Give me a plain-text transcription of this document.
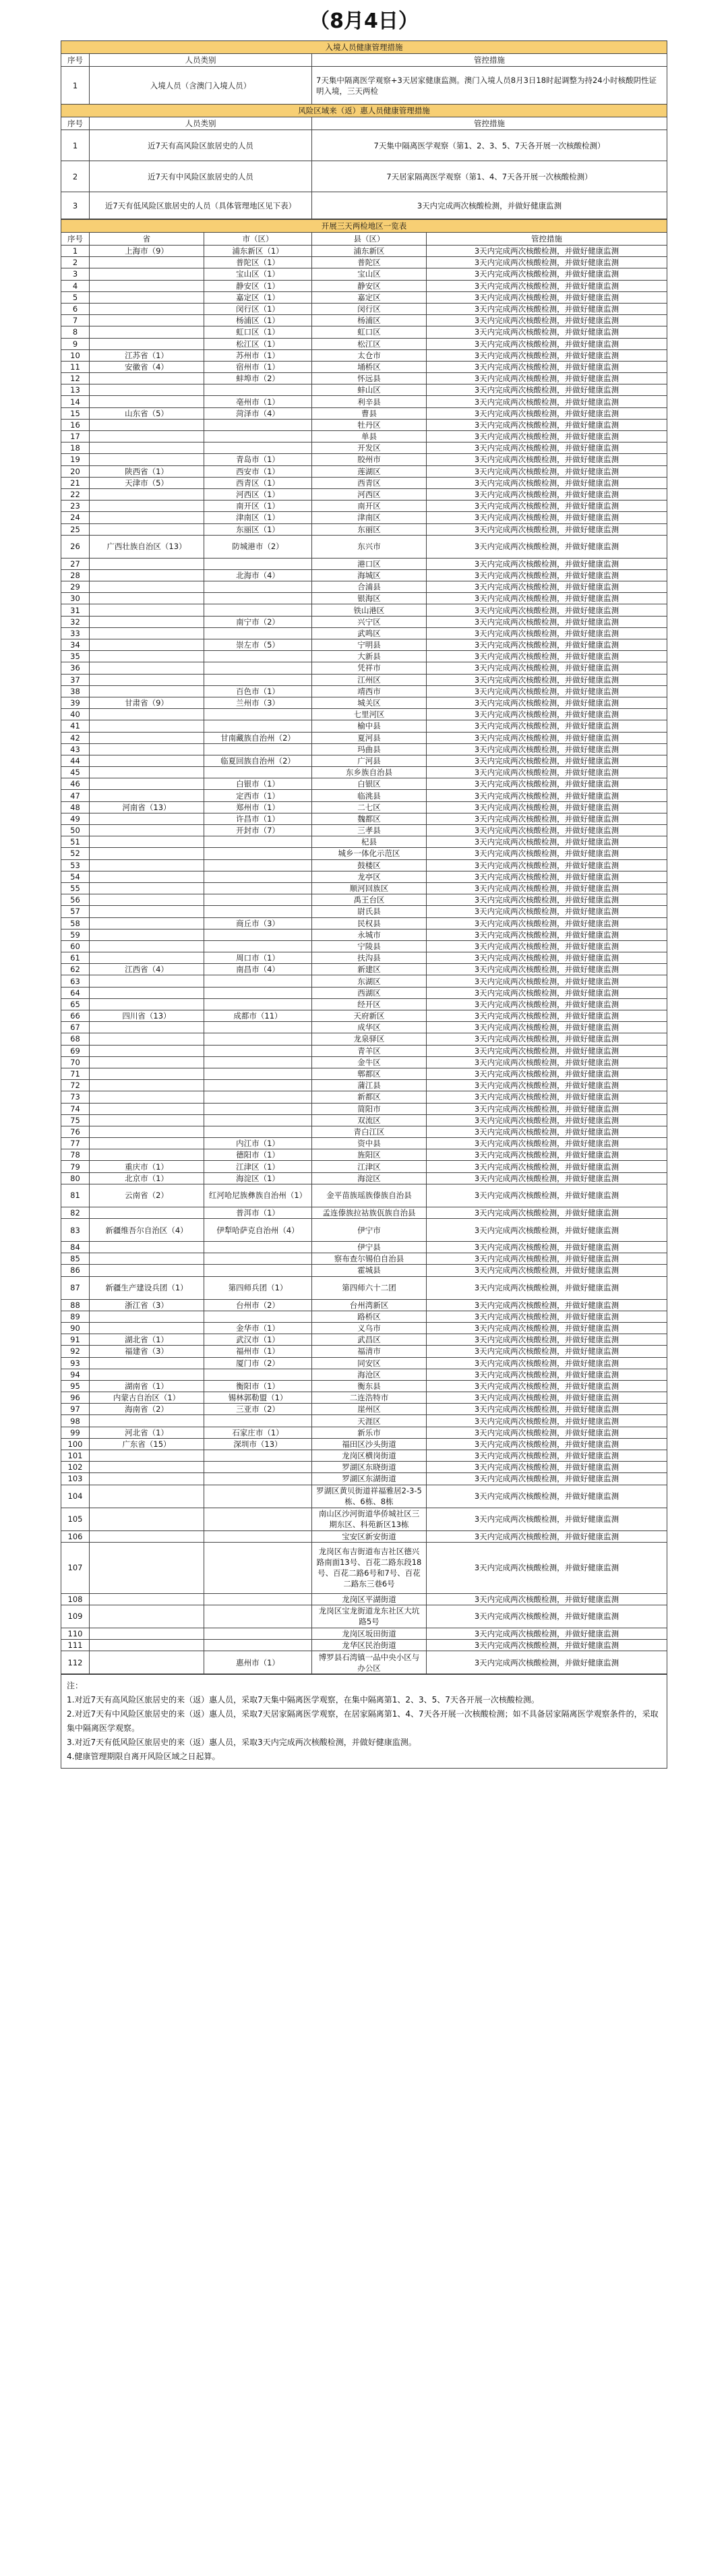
（8月4日）
入境人员健康管理措施		
序号	人员类别	管控措施
1	入境人员（含澳门入境人员）	7天集中隔离医学观察+3天居家健康监测。澳门入境人员8月3日18时起调整为持24小时核酸阴性证明入境，三天两检
风险区域来（返）惠人员健康管理措施		
序号	人员类别	管控措施
1	近7天有高风险区旅居史的人员	7天集中隔离医学观察（第1、2、3、5、7天各开展一次核酸检测）
2	近7天有中风险区旅居史的人员	7天居家隔离医学观察（第1、4、7天各开展一次核酸检测）
3	近7天有低风险区旅居史的人员（具体管理地区见下表）	3天内完成两次核酸检测，并做好健康监测
开展三天两检地区一览表				
序号	省	市（区）	县（区）	管控措施
1	上海市（9）	浦东新区（1）	浦东新区	3天内完成两次核酸检测，并做好健康监测
2		普陀区（1）	普陀区	3天内完成两次核酸检测，并做好健康监测
3		宝山区（1）	宝山区	3天内完成两次核酸检测，并做好健康监测
4		静安区（1）	静安区	3天内完成两次核酸检测，并做好健康监测
5		嘉定区（1）	嘉定区	3天内完成两次核酸检测，并做好健康监测
6		闵行区（1）	闵行区	3天内完成两次核酸检测，并做好健康监测
7		杨浦区（1）	杨浦区	3天内完成两次核酸检测，并做好健康监测
8		虹口区（1）	虹口区	3天内完成两次核酸检测，并做好健康监测
9		松江区（1）	松江区	3天内完成两次核酸检测，并做好健康监测
10	江苏省（1）	苏州市（1）	太仓市	3天内完成两次核酸检测，并做好健康监测
11	安徽省（4）	宿州市（1）	埇桥区	3天内完成两次核酸检测，并做好健康监测
12		蚌埠市（2）	怀远县	3天内完成两次核酸检测，并做好健康监测
13			蚌山区	3天内完成两次核酸检测，并做好健康监测
14		亳州市（1）	利辛县	3天内完成两次核酸检测，并做好健康监测
15	山东省（5）	菏泽市（4）	曹县	3天内完成两次核酸检测，并做好健康监测
16			牡丹区	3天内完成两次核酸检测，并做好健康监测
17			单县	3天内完成两次核酸检测，并做好健康监测
18			开发区	3天内完成两次核酸检测，并做好健康监测
19		青岛市（1）	胶州市	3天内完成两次核酸检测，并做好健康监测
20	陕西省（1）	西安市（1）	莲湖区	3天内完成两次核酸检测，并做好健康监测
21	天津市（5）	西青区（1）	西青区	3天内完成两次核酸检测，并做好健康监测
22		河西区（1）	河西区	3天内完成两次核酸检测，并做好健康监测
23		南开区（1）	南开区	3天内完成两次核酸检测，并做好健康监测
24		津南区（1）	津南区	3天内完成两次核酸检测，并做好健康监测
25		东丽区（1）	东丽区	3天内完成两次核酸检测，并做好健康监测
26	广西壮族自治区（13）	防城港市（2）	东兴市	3天内完成两次核酸检测，并做好健康监测
27			港口区	3天内完成两次核酸检测，并做好健康监测
28		北海市（4）	海城区	3天内完成两次核酸检测，并做好健康监测
29			合浦县	3天内完成两次核酸检测，并做好健康监测
30			银海区	3天内完成两次核酸检测，并做好健康监测
31			铁山港区	3天内完成两次核酸检测，并做好健康监测
32		南宁市（2）	兴宁区	3天内完成两次核酸检测，并做好健康监测
33			武鸣区	3天内完成两次核酸检测，并做好健康监测
34		崇左市（5）	宁明县	3天内完成两次核酸检测，并做好健康监测
35			大新县	3天内完成两次核酸检测，并做好健康监测
36			凭祥市	3天内完成两次核酸检测，并做好健康监测
37			江州区	3天内完成两次核酸检测，并做好健康监测
38		百色市（1）	靖西市	3天内完成两次核酸检测，并做好健康监测
39	甘肃省（9）	兰州市（3）	城关区	3天内完成两次核酸检测，并做好健康监测
40			七里河区	3天内完成两次核酸检测，并做好健康监测
41			榆中县	3天内完成两次核酸检测，并做好健康监测
42		甘南藏族自治州（2）	夏河县	3天内完成两次核酸检测，并做好健康监测
43			玛曲县	3天内完成两次核酸检测，并做好健康监测
44		临夏回族自治州（2）	广河县	3天内完成两次核酸检测，并做好健康监测
45			东乡族自治县	3天内完成两次核酸检测，并做好健康监测
46		白银市（1）	白银区	3天内完成两次核酸检测，并做好健康监测
47		定西市（1）	临洮县	3天内完成两次核酸检测，并做好健康监测
48	河南省（13）	郑州市（1）	二七区	3天内完成两次核酸检测，并做好健康监测
49		许昌市（1）	魏都区	3天内完成两次核酸检测，并做好健康监测
50		开封市（7）	三孝县	3天内完成两次核酸检测，并做好健康监测
51			杞县	3天内完成两次核酸检测，并做好健康监测
52			城乡一体化示范区	3天内完成两次核酸检测，并做好健康监测
53			鼓楼区	3天内完成两次核酸检测，并做好健康监测
54			龙亭区	3天内完成两次核酸检测，并做好健康监测
55			顺河回族区	3天内完成两次核酸检测，并做好健康监测
56			禹王台区	3天内完成两次核酸检测，并做好健康监测
57			尉氏县	3天内完成两次核酸检测，并做好健康监测
58		商丘市（3）	民权县	3天内完成两次核酸检测，并做好健康监测
59			永城市	3天内完成两次核酸检测，并做好健康监测
60			宁陵县	3天内完成两次核酸检测，并做好健康监测
61		周口市（1）	扶沟县	3天内完成两次核酸检测，并做好健康监测
62	江西省（4）	南昌市（4）	新建区	3天内完成两次核酸检测，并做好健康监测
63			东湖区	3天内完成两次核酸检测，并做好健康监测
64			西湖区	3天内完成两次核酸检测，并做好健康监测
65			经开区	3天内完成两次核酸检测，并做好健康监测
66	四川省（13）	成都市（11）	天府新区	3天内完成两次核酸检测，并做好健康监测
67			成华区	3天内完成两次核酸检测，并做好健康监测
68			龙泉驿区	3天内完成两次核酸检测，并做好健康监测
69			青羊区	3天内完成两次核酸检测，并做好健康监测
70			金牛区	3天内完成两次核酸检测，并做好健康监测
71			郫都区	3天内完成两次核酸检测，并做好健康监测
72			蒲江县	3天内完成两次核酸检测，并做好健康监测
73			新都区	3天内完成两次核酸检测，并做好健康监测
74			简阳市	3天内完成两次核酸检测，并做好健康监测
75			双流区	3天内完成两次核酸检测，并做好健康监测
76			青白江区	3天内完成两次核酸检测，并做好健康监测
77		内江市（1）	资中县	3天内完成两次核酸检测，并做好健康监测
78		德阳市（1）	旌阳区	3天内完成两次核酸检测，并做好健康监测
79	重庆市（1）	江津区（1）	江津区	3天内完成两次核酸检测，并做好健康监测
80	北京市（1）	海淀区（1）	海淀区	3天内完成两次核酸检测，并做好健康监测
81	云南省（2）	红河哈尼族彝族自治州（1）	金平苗族瑶族傣族自治县	3天内完成两次核酸检测，并做好健康监测
82		普洱市（1）	孟连傣族拉祜族佤族自治县	3天内完成两次核酸检测，并做好健康监测
83	新疆维吾尔自治区（4）	伊犁哈萨克自治州（4）	伊宁市	3天内完成两次核酸检测，并做好健康监测
84			伊宁县	3天内完成两次核酸检测，并做好健康监测
85			察布查尔锡伯自治县	3天内完成两次核酸检测，并做好健康监测
86			霍城县	3天内完成两次核酸检测，并做好健康监测
87	新疆生产建设兵团（1）	第四师兵团（1）	第四师六十二团	3天内完成两次核酸检测，并做好健康监测
88	浙江省（3）	台州市（2）	台州湾新区	3天内完成两次核酸检测，并做好健康监测
89			路桥区	3天内完成两次核酸检测，并做好健康监测
90		金华市（1）	义乌市	3天内完成两次核酸检测，并做好健康监测
91	湖北省（1）	武汉市（1）	武昌区	3天内完成两次核酸检测，并做好健康监测
92	福建省（3）	福州市（1）	福清市	3天内完成两次核酸检测，并做好健康监测
93		厦门市（2）	同安区	3天内完成两次核酸检测，并做好健康监测
94			海沧区	3天内完成两次核酸检测，并做好健康监测
95	湖南省（1）	衡阳市（1）	衡东县	3天内完成两次核酸检测，并做好健康监测
96	内蒙古自治区（1）	锡林郭勒盟（1）	二连浩特市	3天内完成两次核酸检测，并做好健康监测
97	海南省（2）	三亚市（2）	崖州区	3天内完成两次核酸检测，并做好健康监测
98			天涯区	3天内完成两次核酸检测，并做好健康监测
99	河北省（1）	石家庄市（1）	新乐市	3天内完成两次核酸检测，并做好健康监测
100	广东省（15）	深圳市（13）	福田区沙头街道	3天内完成两次核酸检测，并做好健康监测
101			龙岗区横岗街道	3天内完成两次核酸检测，并做好健康监测
102			罗湖区东晓街道	3天内完成两次核酸检测，并做好健康监测
103			罗湖区东湖街道	3天内完成两次核酸检测，并做好健康监测
104			罗湖区黄贝街道祥福雅居2-3-5栋、6栋、8栋	3天内完成两次核酸检测，并做好健康监测
105			南山区沙河街道华侨城社区三期东区、科苑新区13栋	3天内完成两次核酸检测，并做好健康监测
106			宝安区新安街道	3天内完成两次核酸检测，并做好健康监测
107			龙岗区布吉街道布吉社区德兴路南面13号、百花二路东段18号、百花二路6号和7号、百花二路东三巷6号	3天内完成两次核酸检测，并做好健康监测
108			龙岗区平湖街道	3天内完成两次核酸检测，并做好健康监测
109			龙岗区宝龙街道龙东社区大坑路5号	3天内完成两次核酸检测，并做好健康监测
110			龙岗区坂田街道	3天内完成两次核酸检测，并做好健康监测
111			龙华区民治街道	3天内完成两次核酸检测，并做好健康监测
112		惠州市（1）	博罗县石湾镇一品中央小区与办公区	3天内完成两次核酸检测，并做好健康监测
注：
1.对近7天有高风险区旅居史的来（返）惠人员，采取7天集中隔离医学观察，在集中隔离第1、2、3、5、7天各开展一次核酸检测。
2.对近7天有中风险区旅居史的来（返）惠人员，采取7天居家隔离医学观察，在居家隔离第1、4、7天各开展一次核酸检测；如不具备居家隔离医学观察条件的，采取集中隔离医学观察。
3.对近7天有低风险区旅居史的来（返）惠人员，采取3天内完成两次核酸检测，并做好健康监测。
4.健康管理期限自离开风险区域之日起算。
